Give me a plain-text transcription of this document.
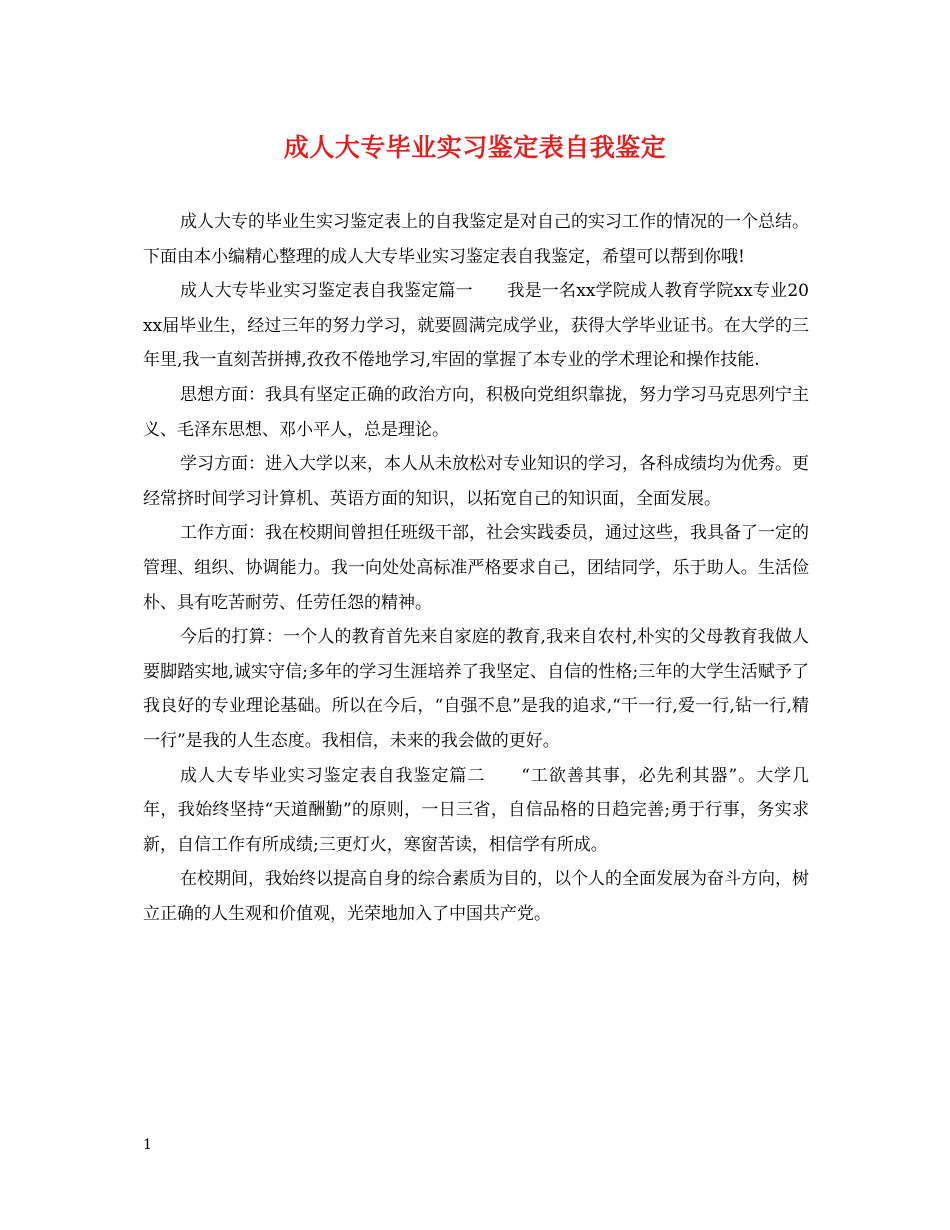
成人大专毕业实习鉴定表自我鉴定

成人大专的毕业生实习鉴定表上的自我鉴定是对自己的实习工作的情况的一个总结。下面由本小编精心整理的成人大专毕业实习鉴定表自我鉴定，希望可以帮到你哦!

成人大专毕业实习鉴定表自我鉴定篇一　　我是一名xx学院成人教育学院xx专业20xx届毕业生，经过三年的努力学习，就要圆满完成学业，获得大学毕业证书。在大学的三年里,我一直刻苦拼搏,孜孜不倦地学习,牢固的掌握了本专业的学术理论和操作技能.

思想方面：我具有坚定正确的政治方向，积极向党组织靠拢，努力学习马克思列宁主义、毛泽东思想、邓小平人，总是理论。

学习方面：进入大学以来，本人从未放松对专业知识的学习，各科成绩均为优秀。更经常挤时间学习计算机、英语方面的知识，以拓宽自己的知识面，全面发展。

工作方面：我在校期间曾担任班级干部，社会实践委员，通过这些，我具备了一定的管理、组织、协调能力。我一向处处高标准严格要求自己，团结同学，乐于助人。生活俭朴、具有吃苦耐劳、任劳任怨的精神。

今后的打算：一个人的教育首先来自家庭的教育,我来自农村,朴实的父母教育我做人要脚踏实地,诚实守信;多年的学习生涯培养了我坚定、自信的性格;三年的大学生活赋予了我良好的专业理论基础。所以在今后，“自强不息”是我的追求,“干一行,爱一行,钻一行,精一行”是我的人生态度。我相信，未来的我会做的更好。

成人大专毕业实习鉴定表自我鉴定篇二　　“工欲善其事，必先利其器”。大学几年，我始终坚持“天道酬勤”的原则，一日三省，自信品格的日趋完善;勇于行事，务实求新，自信工作有所成绩;三更灯火，寒窗苦读，相信学有所成。

在校期间，我始终以提高自身的综合素质为目的，以个人的全面发展为奋斗方向，树立正确的人生观和价值观，光荣地加入了中国共产党。

1
